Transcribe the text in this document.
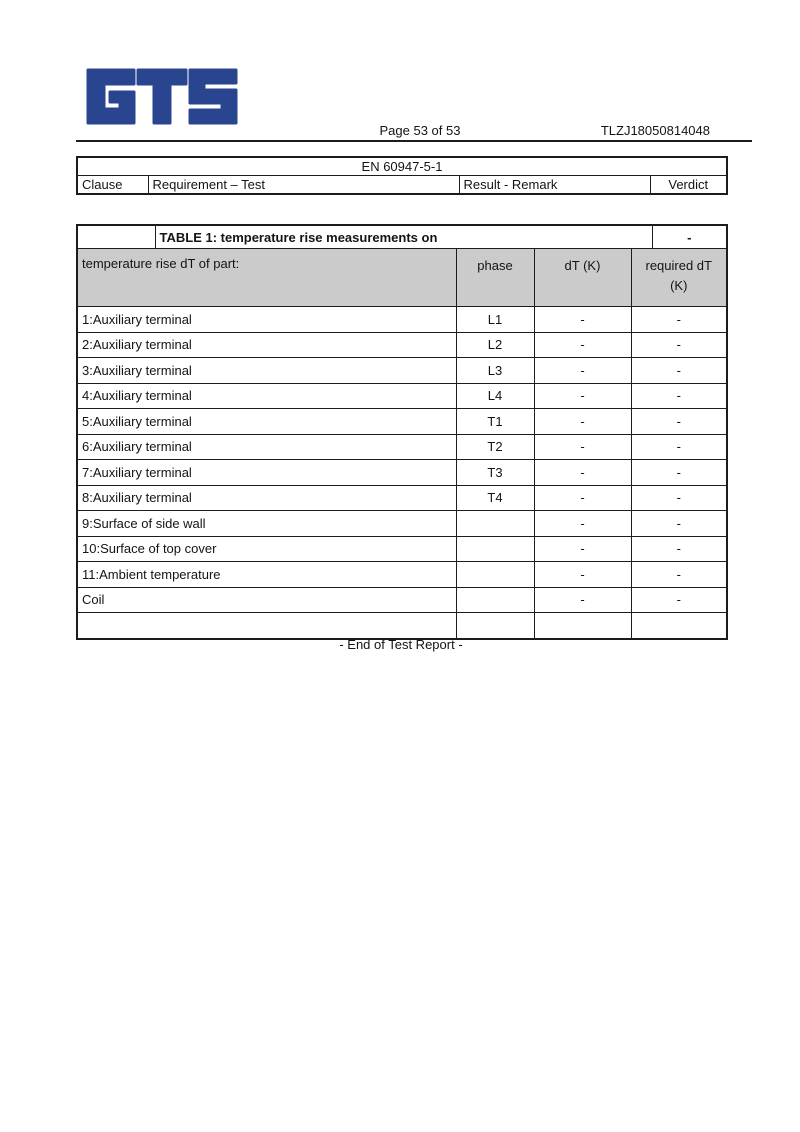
Page 53 of 53	TLZJ18050814048
EN 60947-5-1
Clause	Requirement – Test	Result - Remark	Verdict
	TABLE 1: temperature rise measurements on	-
temperature rise dT of part:	phase	dT (K)	required dT
(K)

1:Auxiliary terminal	L1	-	-
2:Auxiliary terminal	L2	-	-
3:Auxiliary terminal	L3	-	-
4:Auxiliary terminal	L4	-	-
5:Auxiliary terminal	T1	-	-
6:Auxiliary terminal	T2	-	-
7:Auxiliary terminal	T3	-	-
8:Auxiliary terminal	T4	-	-
9:Surface of side wall		-	-
10:Surface of top cover		-	-
11:Ambient temperature		-	-
Coil		-	-

- End of Test Report -
